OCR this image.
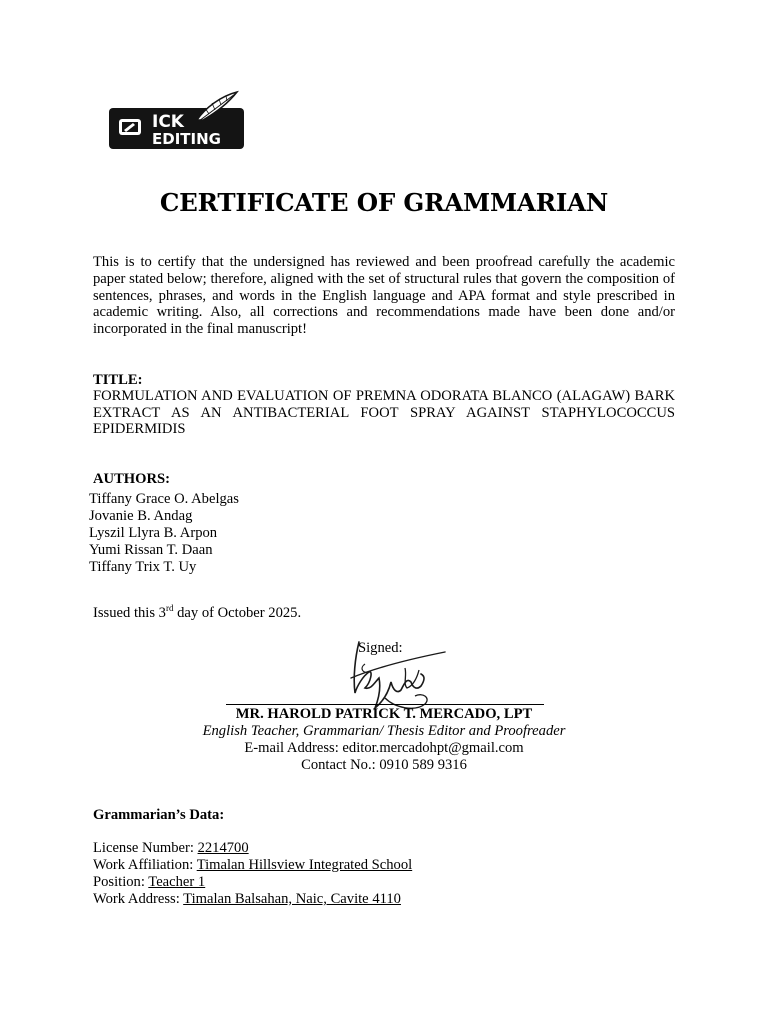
ICK
EDITING
CERTIFICATE OF GRAMMARIAN
This is to certify that the undersigned has reviewed and been proofread carefully the academic paper stated below; therefore, aligned with the set of structural rules that govern the composition of sentences, phrases, and words in the English language and APA format and style prescribed in academic writing. Also, all corrections and recommendations made have been done and/or incorporated in the final manuscript!
TITLE:
FORMULATION AND EVALUATION OF PREMNA ODORATA BLANCO (ALAGAW) BARK EXTRACT AS AN ANTIBACTERIAL FOOT SPRAY AGAINST STAPHYLOCOCCUS EPIDERMIDIS
AUTHORS:
Tiffany Grace O. Abelgas
Jovanie B. Andag
Lyszil Llyra B. Arpon
Yumi Rissan T. Daan
Tiffany Trix T. Uy
Issued this 3rd day of October 2025.
Signed:
MR. HAROLD PATRICK T. MERCADO, LPT
English Teacher, Grammarian/ Thesis Editor and Proofreader
E-mail Address: editor.mercadohpt@gmail.com
Contact No.: 0910 589 9316
Grammarian’s Data:
License Number: 2214700
Work Affiliation: Timalan Hillsview Integrated School
Position: Teacher 1
Work Address: Timalan Balsahan, Naic, Cavite 4110
